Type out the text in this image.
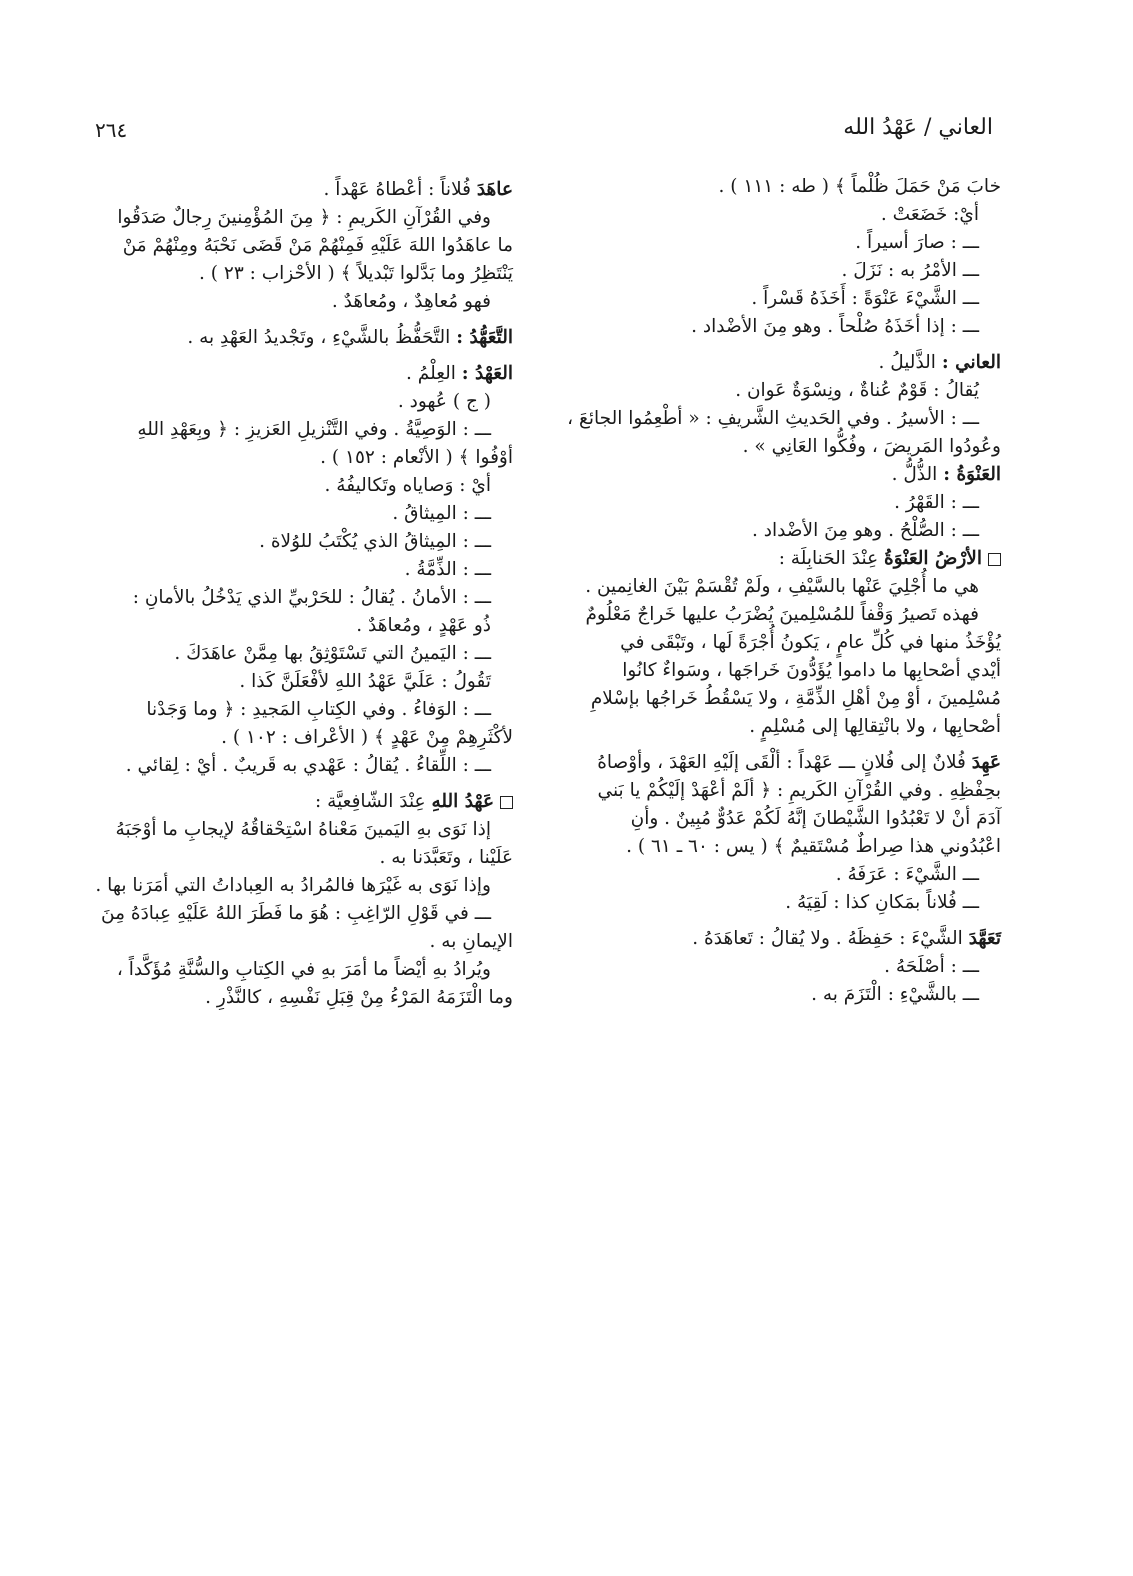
العاني / عَهْدُ الله
٢٦٤
خابَ مَنْ حَمَلَ ظُلْماً ﴾ ( طه : ١١١ ) .
أيْ: خَضَعَتْ .
ـــ : صارَ أسيراً .
ـــ الأمْرُ به : نَزَلَ .
ـــ الشَّيْءَ عَنْوَةً : أَخَذَهُ قَسْراً .
ـــ : إذا أخَذَهُ صُلْحاً . وهو مِنَ الأضْداد .
العاني : الذَّليلُ .
يُقالُ : قَوْمٌ عُناةٌ ، ونِسْوَةٌ عَوان .
ـــ : الأسيرُ . وفي الحَديثِ الشَّريفِ : « أطْعِمُوا الجائعَ ،
وعُودُوا المَريضَ ، وفُكُّوا العَانِي » .
العَنْوَةُ : الذُّلُّ .
ـــ : القَهْرُ .
ـــ : الصُّلْحُ . وهو مِنَ الأضْداد .
الأرْضُ العَنْوَةُ عِنْدَ الحَنابِلَة :
هي ما أُجْلِيَ عَنْها بالسَّيْفِ ، ولَمْ تُقْسَمْ بَيْنَ الغانِمين .
فهذه تَصيرُ وَقْفاً للمُسْلِمينَ يُضْرَبُ عليها خَراجٌ مَعْلُومٌ
يُؤْخَذُ منها في كُلِّ عامٍ ، يَكونُ أُجْرَةً لَها ، وتَبْقَى في
أيْدي أصْحابِها ما داموا يُؤَدُّونَ خَراجَها ، وسَواءٌ كانُوا
مُسْلِمينَ ، أوْ مِنْ أهْلِ الذِّمَّةِ ، ولا يَسْقُطُ خَراجُها بإسْلامِ
أصْحابِها ، ولا بانْتِقالِها إلى مُسْلِمٍ .
عَهِدَ فُلانٌ إلى فُلانٍ ـــ عَهْداً : ألْقَى إلَيْهِ العَهْدَ ، وأوْصاهُ
بحِفْظِهِ . وفي القُرْآنِ الكَريمِ : ﴿ ألَمْ أعْهَدْ إلَيْكُمْ يا بَني
آدَمَ أنْ لا تَعْبُدُوا الشَّيْطانَ إنَّهُ لَكُمْ عَدُوٌّ مُبِينٌ . وأنِ
اعْبُدُوني هذا صِراطٌ مُسْتَقيمٌ ﴾ ( يس : ٦٠ ـ ٦١ ) .
ـــ الشَّيْءَ : عَرَفَهُ .
ـــ فُلاناً بمَكانِ كذا : لَقِيَهُ .
تَعَهَّدَ الشَّيْءَ : حَفِظَهُ . ولا يُقالُ : تَعاهَدَهُ .
ـــ : أصْلَحَهُ .
ـــ بالشَّيْءِ : الْتَزَمَ به .
عاهَدَ فُلاناً : أعْطاهُ عَهْداً .
وفي القُرْآنِ الكَريمِ : ﴿ مِنَ المُؤْمِنينَ رِجالٌ صَدَقُوا
ما عاهَدُوا اللهَ عَلَيْهِ فَمِنْهُمْ مَنْ قَضَى نَحْبَهُ ومِنْهُمْ مَنْ
يَنْتَظِرُ وما بَدَّلوا تَبْديلاً ﴾ ( الأحْزاب : ٢٣ ) .
فهو مُعاهِدٌ ، ومُعاهَدٌ .
التَّعَهُّدُ : التَّحَفُّظُ بالشَّيْءِ ، وتَجْديدُ العَهْدِ به .
العَهْدُ : العِلْمُ .
( ج ) عُهود .
ـــ : الوَصِيَّةُ . وفي التَّنْزيلِ العَزيزِ : ﴿ وبِعَهْدِ اللهِ
أوْفُوا ﴾ ( الأنْعام : ١٥٢ ) .
أيْ : وَصاياه وتَكاليفُهُ .
ـــ : المِيثاقُ .
ـــ : المِيثاقُ الذي يُكْتَبُ للوُلاة .
ـــ : الذِّمَّةُ .
ـــ : الأمانُ . يُقالُ : للحَرْبيِّ الذي يَدْخُلُ بالأمانِ :
ذُو عَهْدٍ ، ومُعاهَدٌ .
ـــ : اليَمينُ التي تَسْتَوْثِقُ بها مِمَّنْ عاهَدَكَ .
تَقُولُ : عَلَيَّ عَهْدُ اللهِ لأفْعَلَنَّ كَذا .
ـــ : الوَفاءُ . وفي الكِتابِ المَجيدِ : ﴿ وما وَجَدْنا
لأكْثَرِهِمْ مِنْ عَهْدٍ ﴾ ( الأعْراف : ١٠٢ ) .
ـــ : اللِّقاءُ . يُقالُ : عَهْدي به قَريبٌ . أيْ : لِقائي .
عَهْدُ اللهِ عِنْدَ الشّافِعيَّة :
إذا نَوَى بهِ اليَمينَ مَعْناهُ اسْتِحْقاقُهُ لإيجابِ ما أوْجَبَهُ
عَلَيْنا ، وتَعَبَّدَنا به .
وإذا نَوَى به غَيْرَها فالمُرادُ به العِباداتُ التي أمَرَنا بها .
ـــ في قَوْلِ الرّاغِبِ : هُوَ ما فَطَرَ اللهُ عَلَيْهِ عِبادَهُ مِنَ
الإيمانِ به .
ويُرادُ بهِ أيْضاً ما أمَرَ بهِ في الكِتابِ والسُّنَّةِ مُؤَكَّداً ،
وما الْتَزَمَهُ المَرْءُ مِنْ قِبَلِ نَفْسِهِ ، كالنَّذْرِ .
